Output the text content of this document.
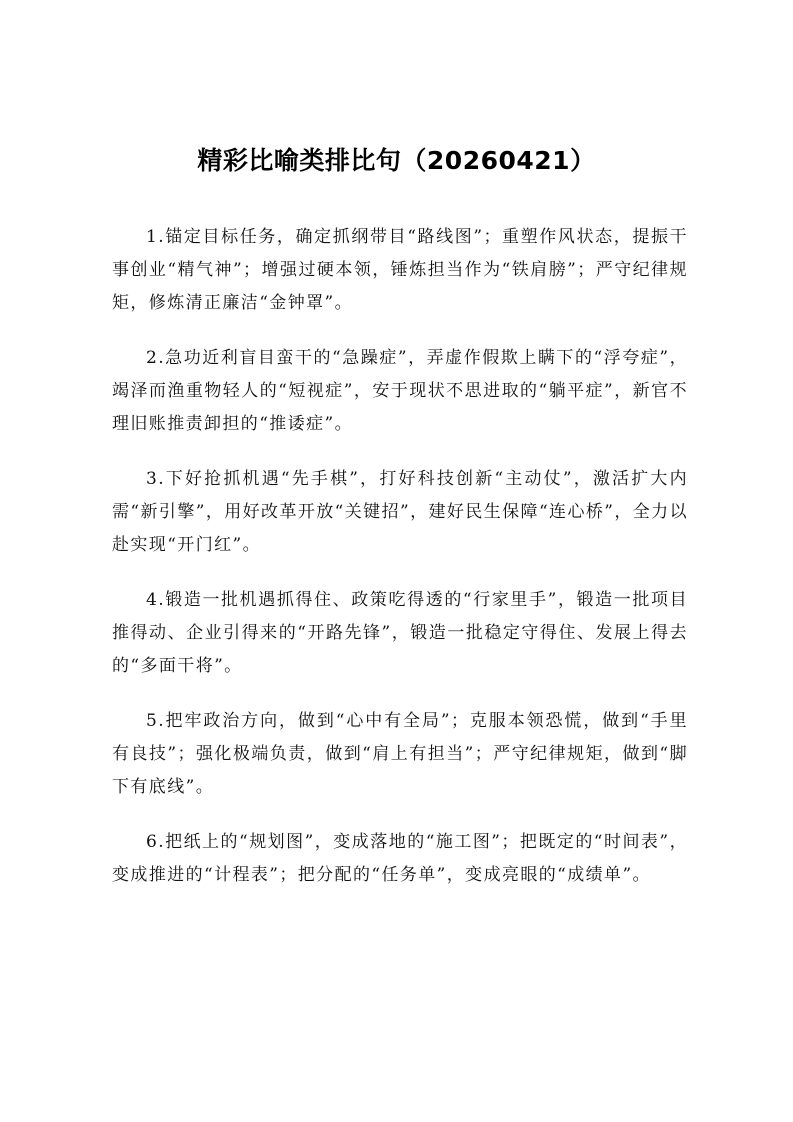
精彩比喻类排比句（20260421）

1.锚定目标任务，确定抓纲带目“路线图”；重塑作风状态，提振干事创业“精气神”；增强过硬本领，锤炼担当作为“铁肩膀”；严守纪律规矩，修炼清正廉洁“金钟罩”。

2.急功近利盲目蛮干的“急躁症”，弄虚作假欺上瞒下的“浮夸症”，竭泽而渔重物轻人的“短视症”，安于现状不思进取的“躺平症”，新官不理旧账推责卸担的“推诿症”。

3.下好抢抓机遇“先手棋”，打好科技创新“主动仗”，激活扩大内需“新引擎”，用好改革开放“关键招”，建好民生保障“连心桥”，全力以赴实现“开门红”。

4.锻造一批机遇抓得住、政策吃得透的“行家里手”，锻造一批项目推得动、企业引得来的“开路先锋”，锻造一批稳定守得住、发展上得去的“多面干将”。

5.把牢政治方向，做到“心中有全局”；克服本领恐慌，做到“手里有良技”；强化极端负责，做到“肩上有担当”；严守纪律规矩，做到“脚下有底线”。

6.把纸上的“规划图”，变成落地的“施工图”；把既定的“时间表”，变成推进的“计程表”；把分配的“任务单”，变成亮眼的“成绩单”。
